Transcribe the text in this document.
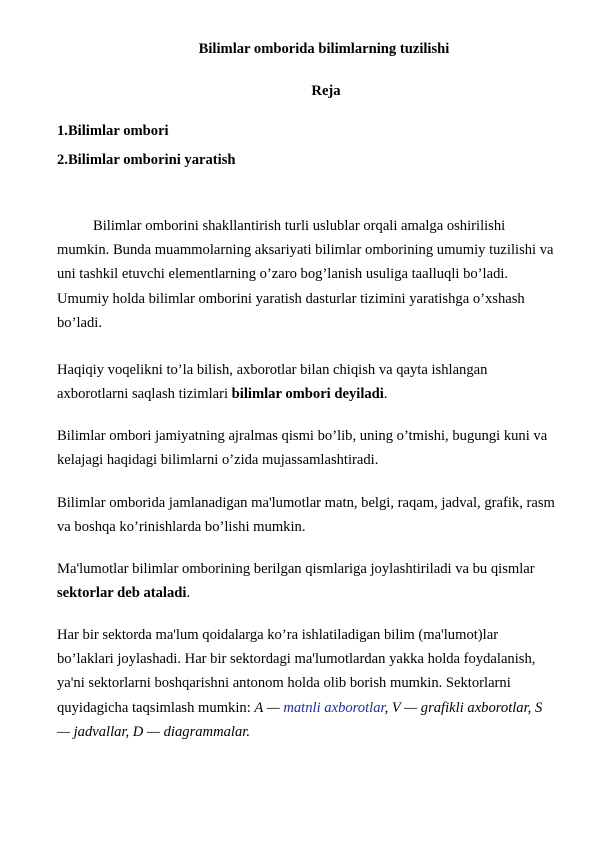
Bilimlar omborida bilimlarning tuzilishi
Reja
1.Bilimlar ombori
2.Bilimlar omborini yaratish
Bilimlar omborini shakllantirish turli uslublar orqali amalga oshirilishi mumkin. Bunda muammolarning aksariyati bilimlar omborining umumiy tuzilishi va uni tashkil etuvchi elementlarning o’zaro bog’lanish usuliga taalluqli bo’ladi. Umumiy holda bilimlar omborini yaratish dasturlar tizimini yaratishga o’xshash bo’ladi.
Haqiqiy voqelikni to’la bilish, axborotlar bilan chiqish va qayta ishlangan axborotlarni saqlash tizimlari bilimlar ombori deyiladi.
Bilimlar ombori jamiyatning ajralmas qismi bo’lib, uning o’tmishi, bugungi kuni va kelajagi haqidagi bilimlarni o’zida mujassamlashtiradi.
Bilimlar omborida jamlanadigan ma'lumotlar matn, belgi, raqam, jadval, grafik, rasm va boshqa ko’rinishlarda bo’lishi mumkin.
Ma'lumotlar bilimlar omborining berilgan qismlariga joylashtiriladi va bu qismlar sektorlar deb ataladi.
Har bir sektorda ma'lum qoidalarga ko’ra ishlatiladigan bilim (ma'lumot)lar bo’laklari joylashadi. Har bir sektordagi ma'lumotlardan yakka holda foydalanish, ya'ni sektorlarni boshqarishni antonom holda olib borish mumkin. Sektorlarni quyidagicha taqsimlash mumkin: A — matnli axborotlar, V — grafikli axborotlar, S — jadvallar, D — diagrammalar.
